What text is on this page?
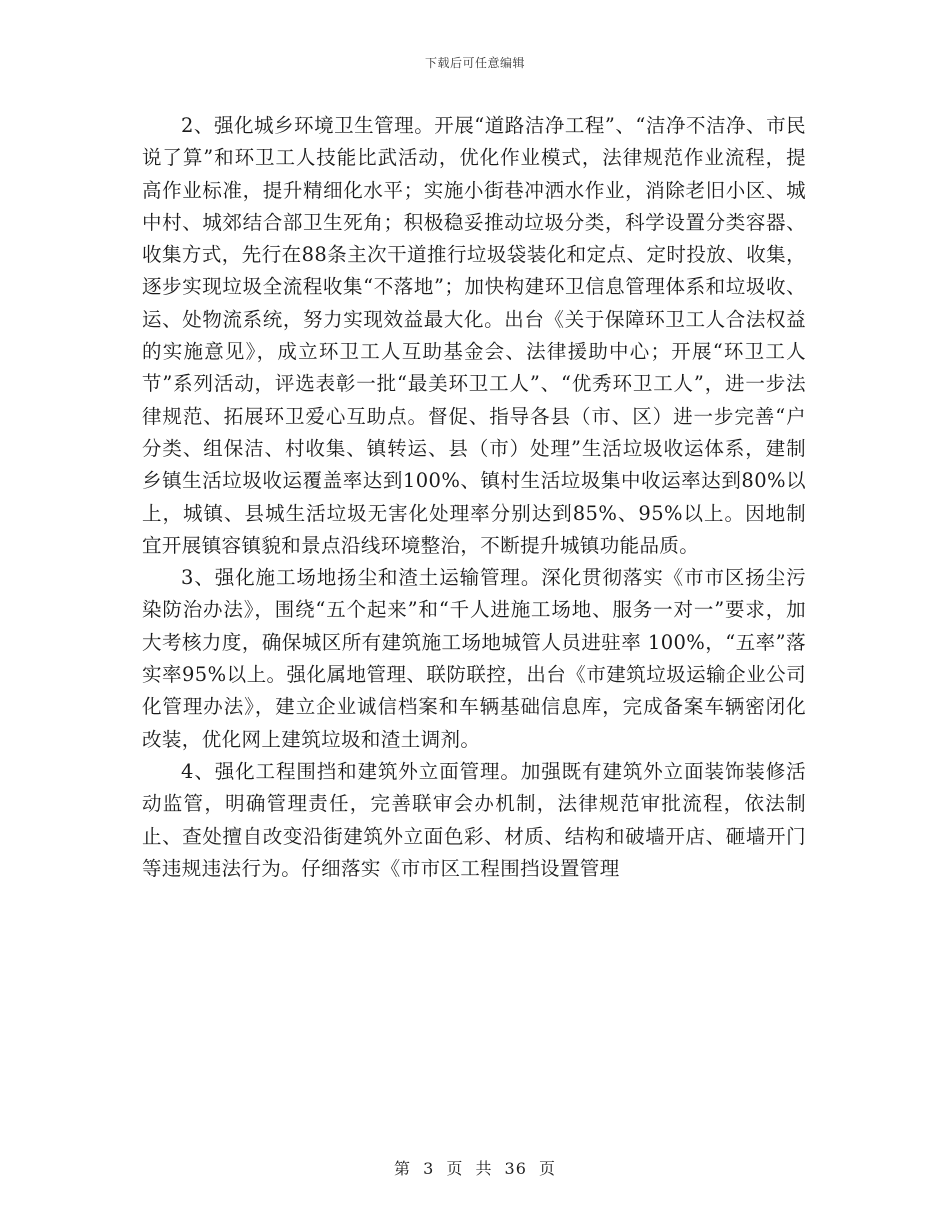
下载后可任意编辑

2、强化城乡环境卫生管理。开展“道路洁净工程”、“洁净不洁净、市民说了算”和环卫工人技能比武活动，优化作业模式，法律规范作业流程，提高作业标准，提升精细化水平；实施小街巷冲洒水作业，消除老旧小区、城中村、城郊结合部卫生死角；积极稳妥推动垃圾分类，科学设置分类容器、收集方式，先行在88条主次干道推行垃圾袋装化和定点、定时投放、收集，逐步实现垃圾全流程收集“不落地”；加快构建环卫信息管理体系和垃圾收、运、处物流系统，努力实现效益最大化。出台《关于保障环卫工人合法权益的实施意见》，成立环卫工人互助基金会、法律援助中心；开展“环卫工人节”系列活动，评选表彰一批“最美环卫工人”、“优秀环卫工人”，进一步法律规范、拓展环卫爱心互助点。督促、指导各县（市、区）进一步完善“户分类、组保洁、村收集、镇转运、县（市）处理”生活垃圾收运体系，建制乡镇生活垃圾收运覆盖率达到100%、镇村生活垃圾集中收运率达到80%以上，城镇、县城生活垃圾无害化处理率分别达到85%、95%以上。因地制宜开展镇容镇貌和景点沿线环境整治，不断提升城镇功能品质。

3、强化施工场地扬尘和渣土运输管理。深化贯彻落实《市市区扬尘污染防治办法》，围绕“五个起来”和“千人进施工场地、服务一对一”要求，加大考核力度，确保城区所有建筑施工场地城管人员进驻率 100%，“五率”落实率95%以上。强化属地管理、联防联控，出台《市建筑垃圾运输企业公司化管理办法》，建立企业诚信档案和车辆基础信息库，完成备案车辆密闭化改装，优化网上建筑垃圾和渣土调剂。

4、强化工程围挡和建筑外立面管理。加强既有建筑外立面装饰装修活动监管，明确管理责任，完善联审会办机制，法律规范审批流程，依法制止、查处擅自改变沿街建筑外立面色彩、材质、结构和破墙开店、砸墙开门等违规违法行为。仔细落实《市市区工程围挡设置管理

第 3 页 共 36 页
